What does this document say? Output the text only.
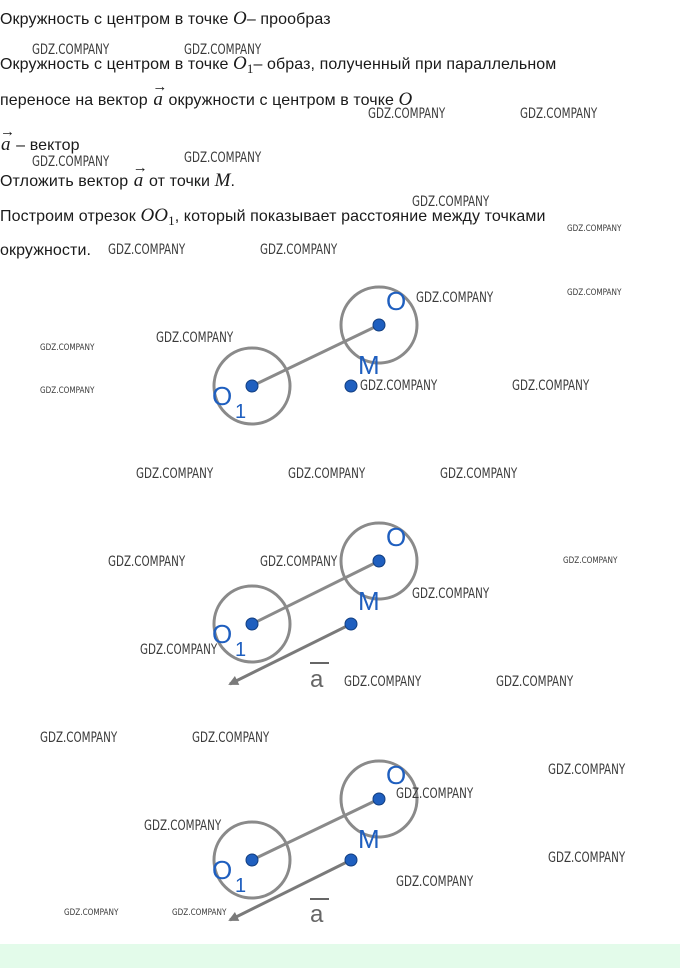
Окружность с центром в точке O– прообраз
Окружность с центром в точке $O_1-$ образ, полученный при параллельном
переносе на вектор
→
a окружности с центром в точке O
→
a – вектор
Отложить вектор
→
a от точки M.
Построим отрезок $OO_1$, который показывает расстояние между точками
окружности.
O
O
1
M
O
O
1
M
a
O
O
1
M
a
GDZ.COMPANY	GDZ.COMPANY
GDZ.COMPANY	GDZ.COMPANY
GDZ.COMPANY	GDZ.COMPANY
GDZ.COMPANY
GDZ.COMPANY
GDZ.COMPANY	GDZ.COMPANY
GDZ.COMPANY	GDZ.COMPANY
GDZ.COMPANY
GDZ.COMPANY
GDZ.COMPANY	GDZ.COMPANY	GDZ.COMPANY
GDZ.COMPANY	GDZ.COMPANY	GDZ.COMPANY
GDZ.COMPANY	GDZ.COMPANY	GDZ.COMPANY
GDZ.COMPANY
GDZ.COMPANY
GDZ.COMPANY	GDZ.COMPANY
GDZ.COMPANY	GDZ.COMPANY
GDZ.COMPANY
GDZ.COMPANY
GDZ.COMPANY
GDZ.COMPANY
GDZ.COMPANY
GDZ.COMPANY	GDZ.COMPANY
